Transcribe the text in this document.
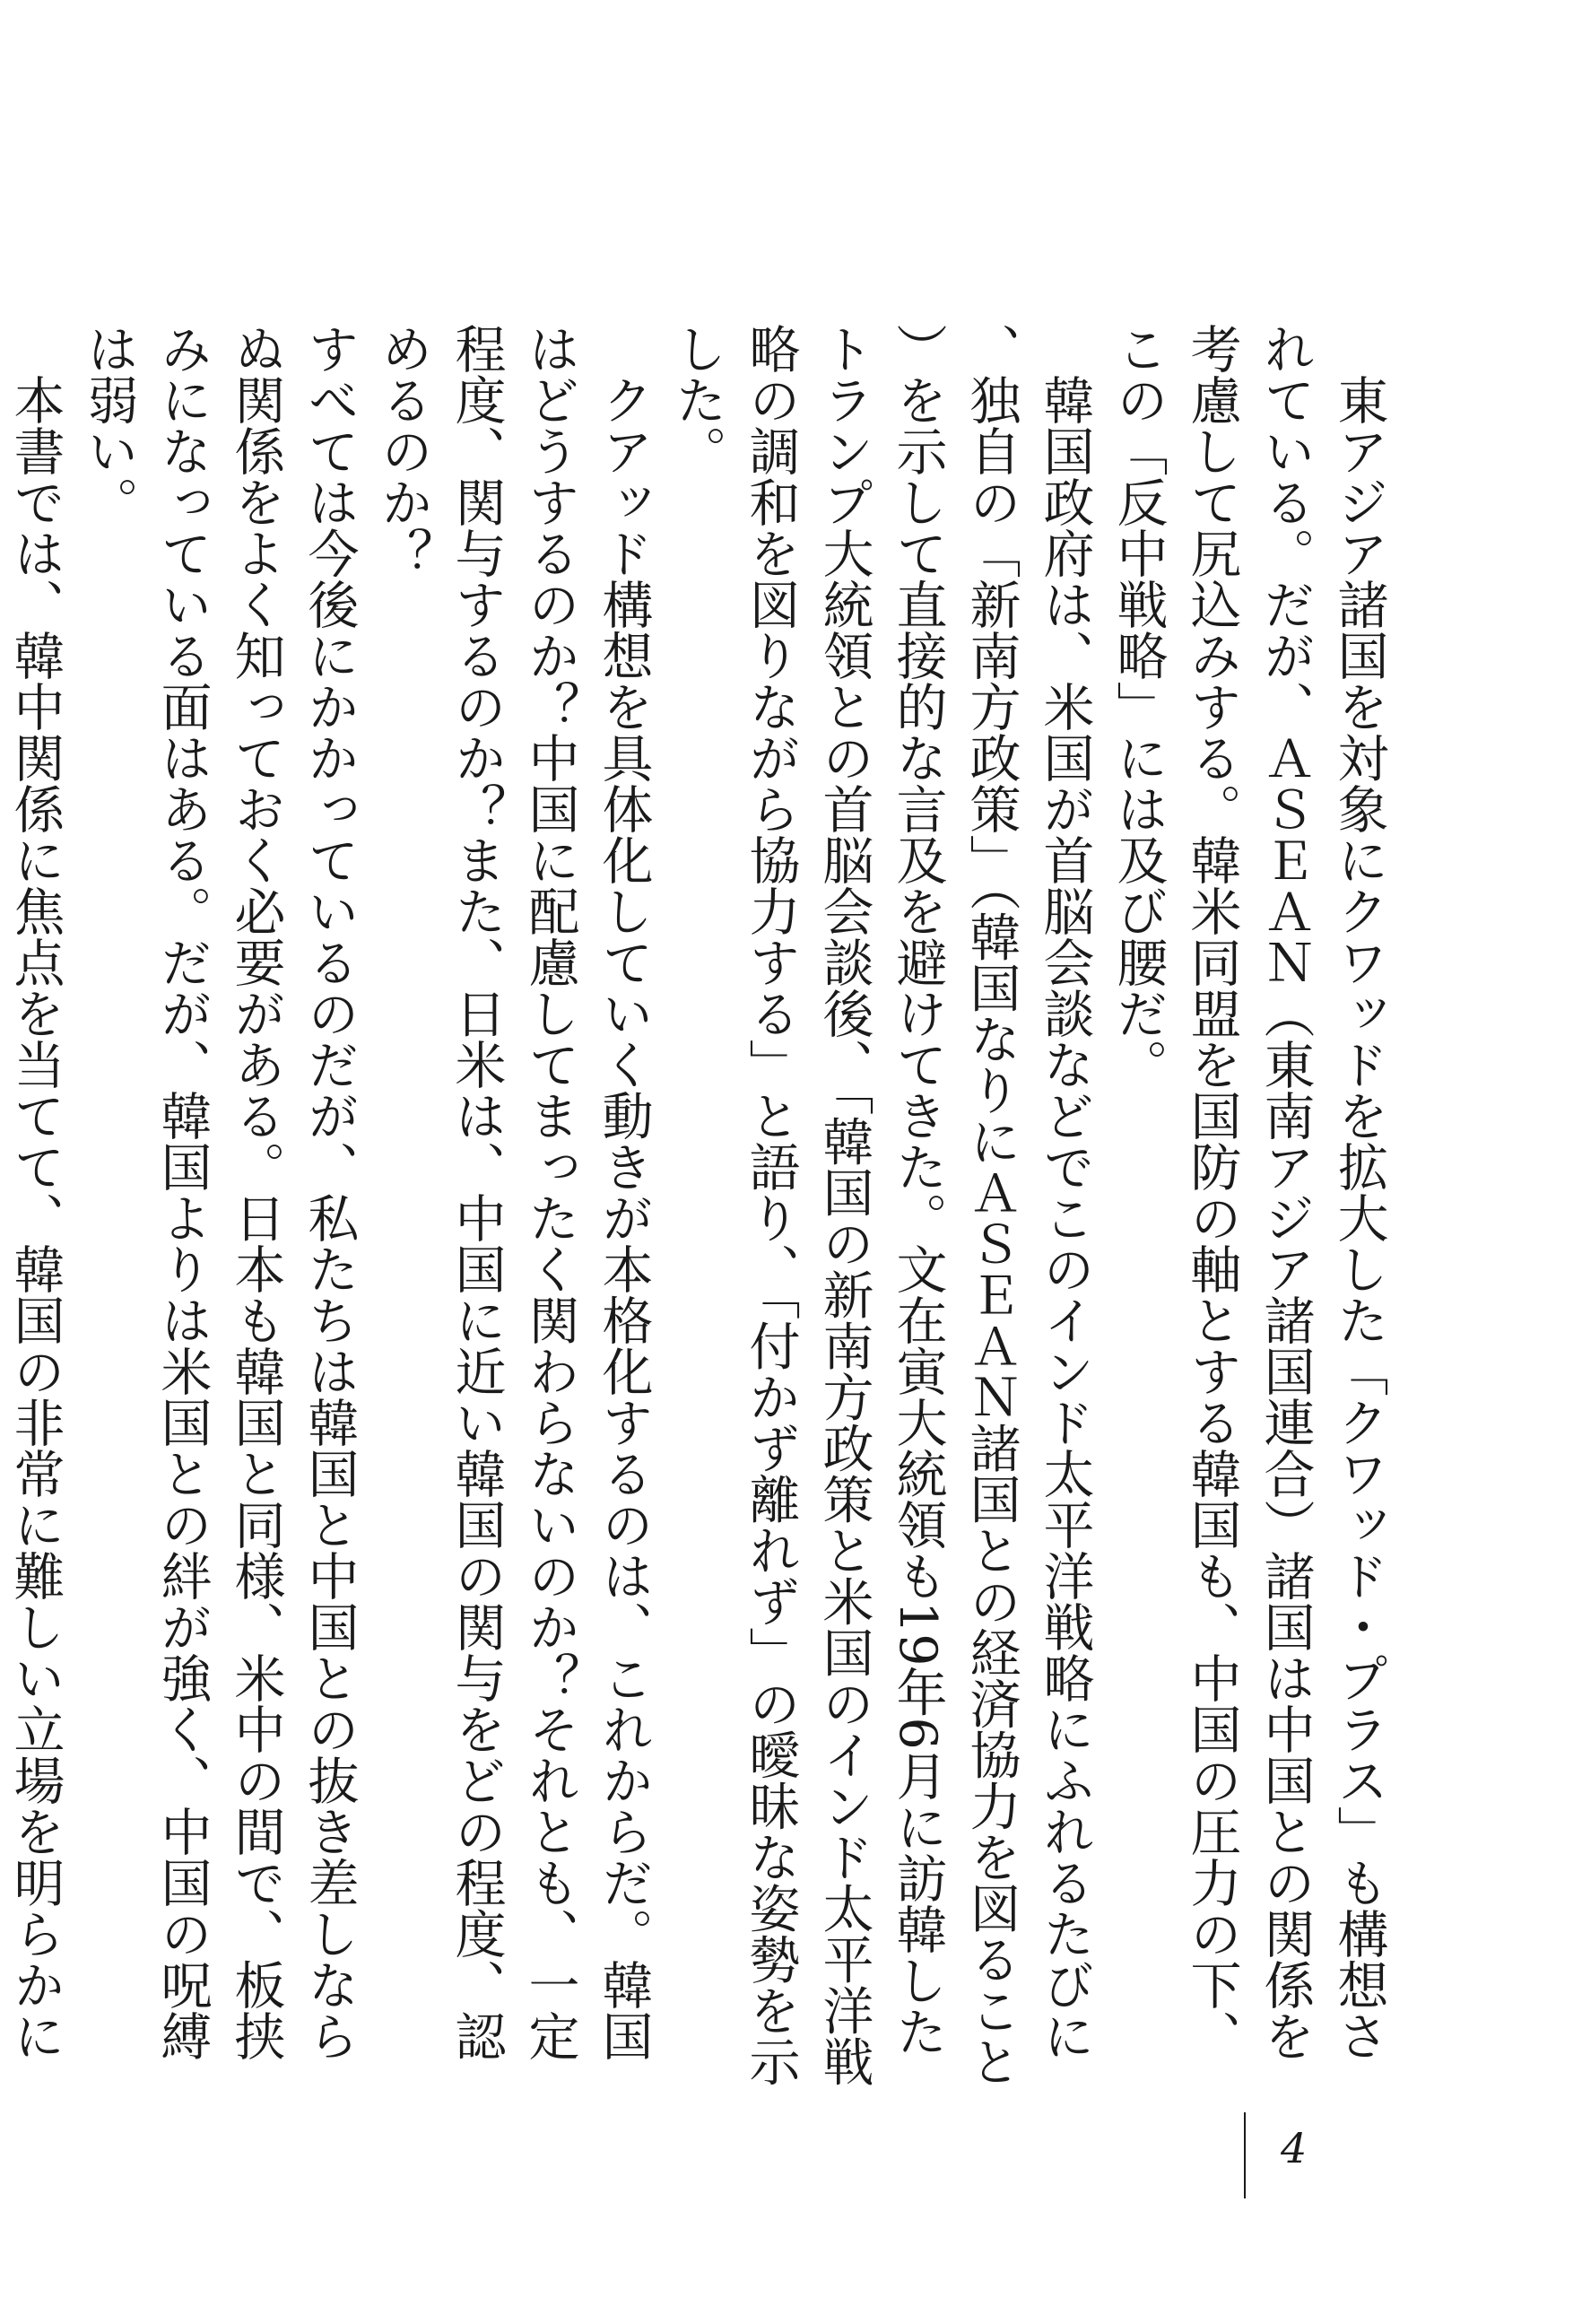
東アジア諸国を対象にクワッドを拡大した「クワッド・プラス」も構想されている。だが、ＡＳＥＡＮ（東南アジア諸国連合）諸国は中国との関係を考慮して尻込みする。韓米同盟を国防の軸とする韓国も、中国の圧力の下、この「反中戦略」には及び腰だ。

韓国政府は、米国が首脳会談などでこのインド太平洋戦略にふれるたびに、独自の「新南方政策」（韓国なりにＡＳＥＡＮ諸国との経済協力を図ること）を示して直接的な言及を避けてきた。文在寅大統領も19年6月に訪韓したトランプ大統領との首脳会談後、「韓国の新南方政策と米国のインド太平洋戦略の調和を図りながら協力する」と語り、「付かず離れず」の曖昧な姿勢を示した。

クアッド構想を具体化していく動きが本格化するのは、これからだ。韓国はどうするのか？中国に配慮してまったく関わらないのか？それとも、一定程度、関与するのか？また、日米は、中国に近い韓国の関与をどの程度、認めるのか？

すべては今後にかかっているのだが、私たちは韓国と中国との抜き差しならぬ関係をよく知っておく必要がある。日本も韓国と同様、米中の間で、板挟みになっている面はある。だが、韓国よりは米国との絆が強く、中国の呪縛は弱い。

本書では、韓中関係に焦点を当てて、韓国の非常に難しい立場を明らかに

4
